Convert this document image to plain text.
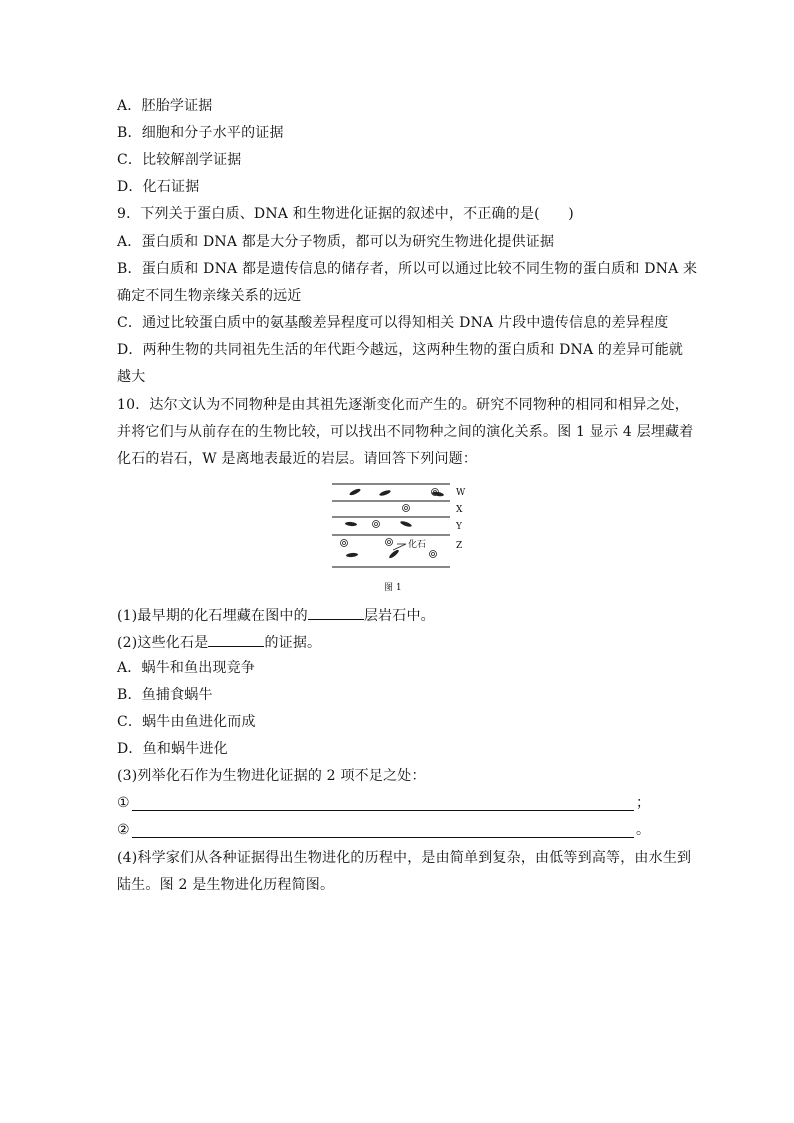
A．胚胎学证据
B．细胞和分子水平的证据
C．比较解剖学证据
D．化石证据
9．下列关于蛋白质、DNA 和生物进化证据的叙述中，不正确的是(　　)
A．蛋白质和 DNA 都是大分子物质，都可以为研究生物进化提供证据
B．蛋白质和 DNA 都是遗传信息的储存者，所以可以通过比较不同生物的蛋白质和 DNA 来
确定不同生物亲缘关系的远近
C．通过比较蛋白质中的氨基酸差异程度可以得知相关 DNA 片段中遗传信息的差异程度
D．两种生物的共同祖先生活的年代距今越远，这两种生物的蛋白质和 DNA 的差异可能就
越大
10．达尔文认为不同物种是由其祖先逐渐变化而产生的。研究不同物种的相同和相异之处，
并将它们与从前存在的生物比较，可以找出不同物种之间的演化关系。图 1 显示 4 层埋藏着
化石的岩石，W 是离地表最近的岩层。请回答下列问题：
化石
W
X
Y
Z
图 1
(1)最早期的化石埋藏在图中的	层岩石中。
(2)这些化石是	的证据。
A．蜗牛和鱼出现竞争
B．鱼捕食蜗牛
C．蜗牛由鱼进化而成
D．鱼和蜗牛进化
(3)列举化石作为生物进化证据的 2 项不足之处：
①	；
②	。
(4)科学家们从各种证据得出生物进化的历程中，是由简单到复杂，由低等到高等，由水生到
陆生。图 2 是生物进化历程简图。
